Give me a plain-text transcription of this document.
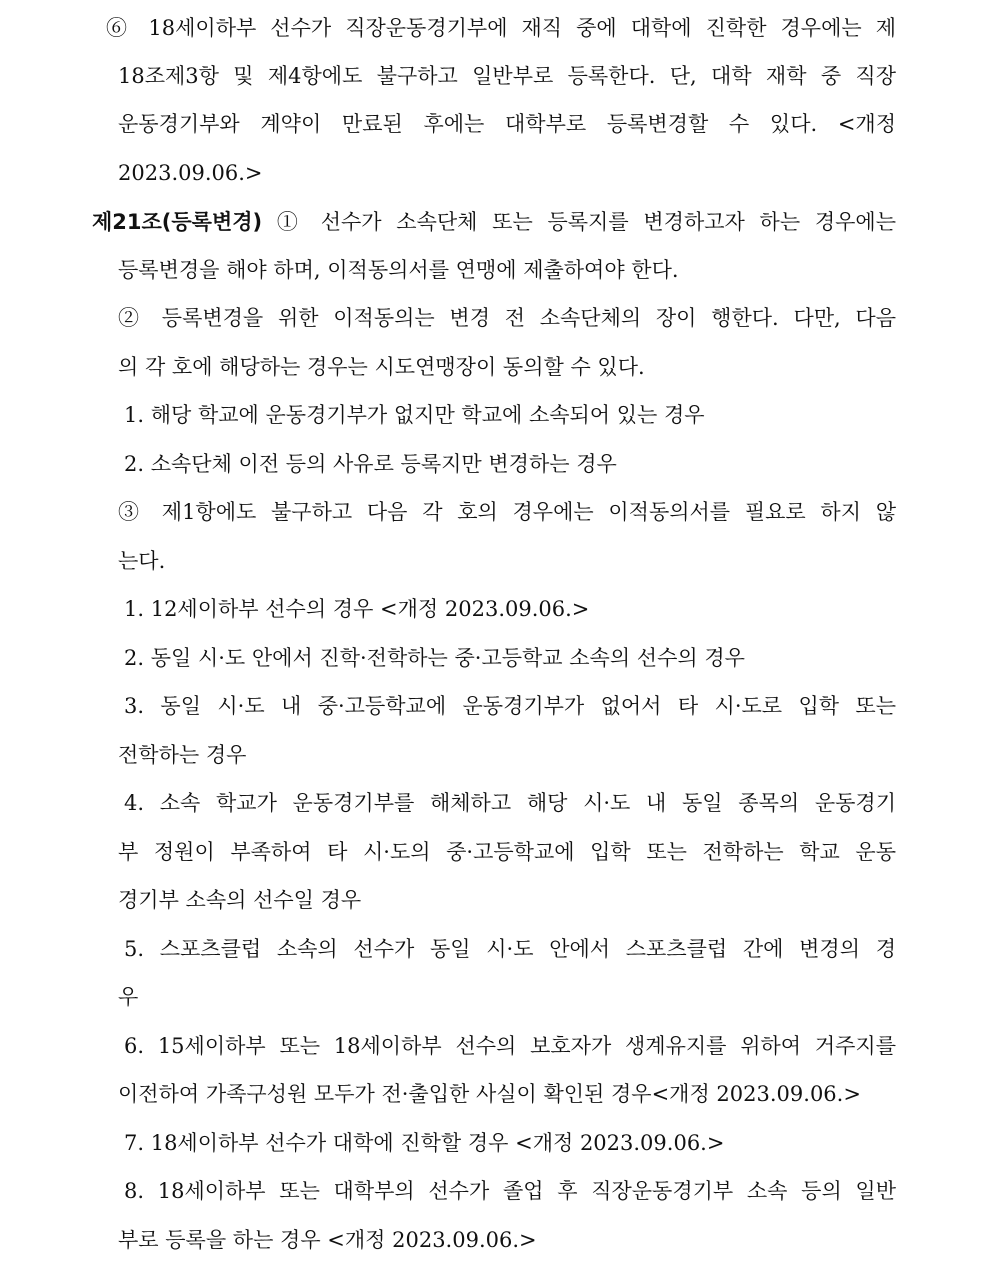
⑥ 18세이하부 선수가 직장운동경기부에 재직 중에 대학에 진학한 경우에는 제
18조제3항 및 제4항에도 불구하고 일반부로 등록한다. 단, 대학 재학 중 직장
운동경기부와 계약이 만료된 후에는 대학부로 등록변경할 수 있다. <개정
2023.09.06.>
제21조(등록변경) ① 선수가 소속단체 또는 등록지를 변경하고자 하는 경우에는
등록변경을 해야 하며, 이적동의서를 연맹에 제출하여야 한다.
② 등록변경을 위한 이적동의는 변경 전 소속단체의 장이 행한다. 다만, 다음
의 각 호에 해당하는 경우는 시도연맹장이 동의할 수 있다.
1. 해당 학교에 운동경기부가 없지만 학교에 소속되어 있는 경우
2. 소속단체 이전 등의 사유로 등록지만 변경하는 경우
③ 제1항에도 불구하고 다음 각 호의 경우에는 이적동의서를 필요로 하지 않
는다.
1. 12세이하부 선수의 경우 <개정 2023.09.06.>
2. 동일 시·도 안에서 진학·전학하는 중·고등학교 소속의 선수의 경우
3. 동일 시·도 내 중·고등학교에 운동경기부가 없어서 타 시·도로 입학 또는
전학하는 경우
4. 소속 학교가 운동경기부를 해체하고 해당 시·도 내 동일 종목의 운동경기
부 정원이 부족하여 타 시·도의 중·고등학교에 입학 또는 전학하는 학교 운동
경기부 소속의 선수일 경우
5. 스포츠클럽 소속의 선수가 동일 시·도 안에서 스포츠클럽 간에 변경의 경
우
6. 15세이하부 또는 18세이하부 선수의 보호자가 생계유지를 위하여 거주지를
이전하여 가족구성원 모두가 전·출입한 사실이 확인된 경우<개정 2023.09.06.>
7. 18세이하부 선수가 대학에 진학할 경우 <개정 2023.09.06.>
8. 18세이하부 또는 대학부의 선수가 졸업 후 직장운동경기부 소속 등의 일반
부로 등록을 하는 경우 <개정 2023.09.06.>
